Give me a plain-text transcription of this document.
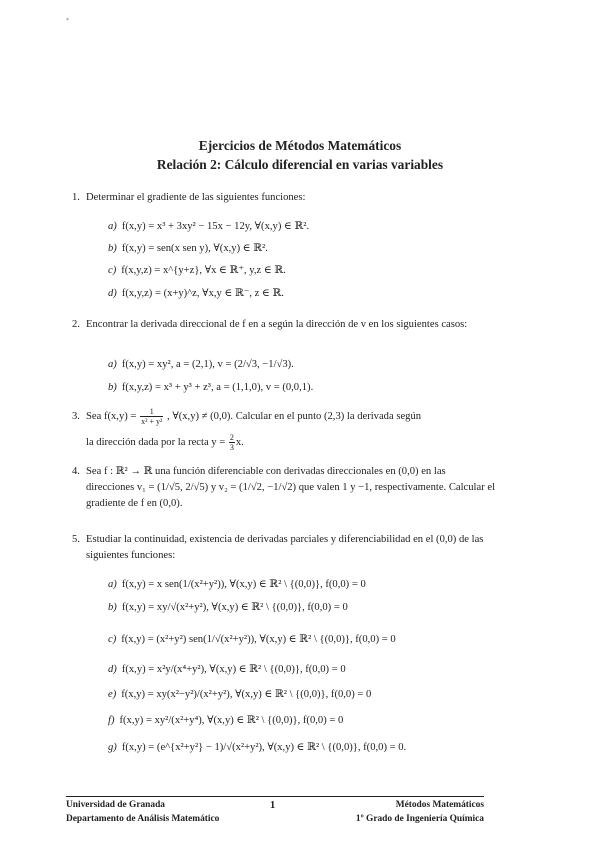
*
Ejercicios de Métodos Matemáticos
Relación 2: Cálculo diferencial en varias variables
1. Determinar el gradiente de las siguientes funciones:
a) f(x,y) = x³ + 3xy² − 15x − 12y, ∀(x,y) ∈ ℝ².
b) f(x,y) = sen(x sen y), ∀(x,y) ∈ ℝ².
c) f(x,y,z) = x^{y+z}, ∀x ∈ ℝ⁺, y,z ∈ ℝ.
d) f(x,y,z) = (x+y)^z, ∀x,y ∈ ℝ⁻, z ∈ ℝ.
2. Encontrar la derivada direccional de f en a según la dirección de v en los siguientes casos:
a) f(x,y) = xy², a = (2,1), v = (2/√3, −1/√3).
b) f(x,y,z) = x³ + y³ + z³, a = (1,1,0), v = (0,0,1).
3. Sea $f(x,y) = \frac{1}{\text{x² + y²}}$ , ∀(x,y) ≠ (0,0). Calcular en el punto (2,3) la derivada según
la dirección dada por la recta $y = \frac{2}{3} x$.
4. Sea f : ℝ² → ℝ una función diferenciable con derivadas direccionales en (0,0) en las direcciones v₁ = (1/√5, 2/√5) y v₂ = (1/√2, −1/√2) que valen 1 y −1, respectivamente. Calcular el gradiente de f en (0,0).
5. Estudiar la continuidad, existencia de derivadas parciales y diferenciabilidad en el (0,0) de las siguientes funciones:
a) f(x,y) = x sen(1/(x²+y²)), ∀(x,y) ∈ ℝ² \ {(0,0)}, f(0,0) = 0
b) f(x,y) = xy/√(x²+y²), ∀(x,y) ∈ ℝ² \ {(0,0)}, f(0,0) = 0
c) f(x,y) = (x²+y²) sen(1/√(x²+y²)), ∀(x,y) ∈ ℝ² \ {(0,0)}, f(0,0) = 0
d) f(x,y) = x²y/(x⁴+y²), ∀(x,y) ∈ ℝ² \ {(0,0)}, f(0,0) = 0
e) f(x,y) = xy(x²−y²)/(x²+y²), ∀(x,y) ∈ ℝ² \ {(0,0)}, f(0,0) = 0
f) f(x,y) = xy²/(x²+y⁴), ∀(x,y) ∈ ℝ² \ {(0,0)}, f(0,0) = 0
g) f(x,y) = (e^{x²+y²} − 1)/√(x²+y²), ∀(x,y) ∈ ℝ² \ {(0,0)}, f(0,0) = 0.
Universidad de Granada
Departamento de Análisis Matemático
1	Métodos Matemáticos
1º Grado de Ingeniería Química
